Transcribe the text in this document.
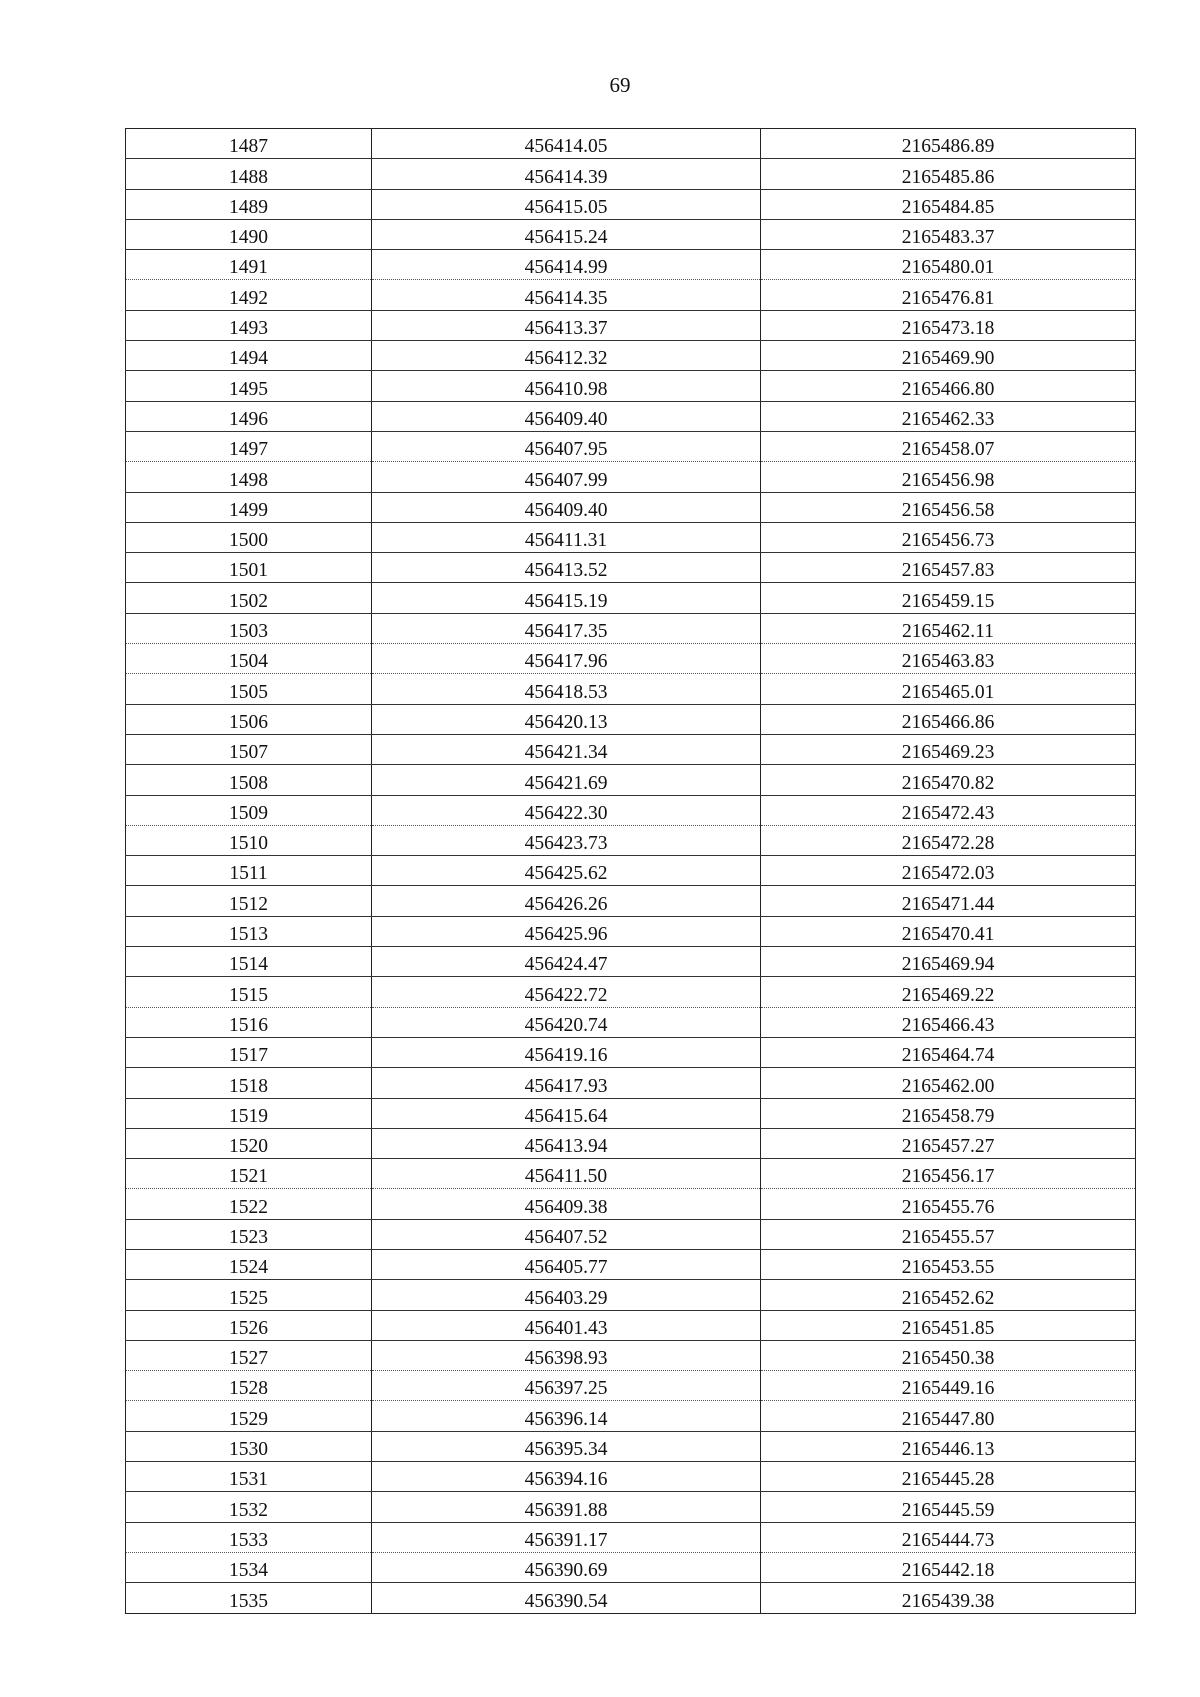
69
1487	456414.05	2165486.89
1488	456414.39	2165485.86
1489	456415.05	2165484.85
1490	456415.24	2165483.37
1491	456414.99	2165480.01
1492	456414.35	2165476.81
1493	456413.37	2165473.18
1494	456412.32	2165469.90
1495	456410.98	2165466.80
1496	456409.40	2165462.33
1497	456407.95	2165458.07
1498	456407.99	2165456.98
1499	456409.40	2165456.58
1500	456411.31	2165456.73
1501	456413.52	2165457.83
1502	456415.19	2165459.15
1503	456417.35	2165462.11
1504	456417.96	2165463.83
1505	456418.53	2165465.01
1506	456420.13	2165466.86
1507	456421.34	2165469.23
1508	456421.69	2165470.82
1509	456422.30	2165472.43
1510	456423.73	2165472.28
1511	456425.62	2165472.03
1512	456426.26	2165471.44
1513	456425.96	2165470.41
1514	456424.47	2165469.94
1515	456422.72	2165469.22
1516	456420.74	2165466.43
1517	456419.16	2165464.74
1518	456417.93	2165462.00
1519	456415.64	2165458.79
1520	456413.94	2165457.27
1521	456411.50	2165456.17
1522	456409.38	2165455.76
1523	456407.52	2165455.57
1524	456405.77	2165453.55
1525	456403.29	2165452.62
1526	456401.43	2165451.85
1527	456398.93	2165450.38
1528	456397.25	2165449.16
1529	456396.14	2165447.80
1530	456395.34	2165446.13
1531	456394.16	2165445.28
1532	456391.88	2165445.59
1533	456391.17	2165444.73
1534	456390.69	2165442.18
1535	456390.54	2165439.38
